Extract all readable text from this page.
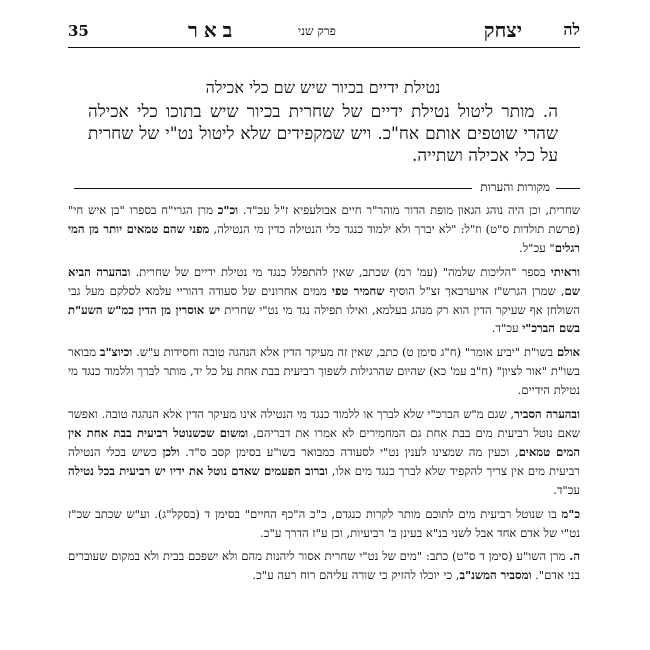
35	באר	פרק שני	יצחק	לה
נטילת ידיים בכיור שיש שם כלי אכילה
ה. מותר ליטול נטילת ידיים של שחרית בכיור שיש בתוכו כלי אכילה שהרי שוטפים אותם אח"כ. ויש שמקפידים שלא ליטול נט"י של שחרית על כלי אכילה ושתייה.
מקורות והערות

שחרית, וכן היה נוהג הגאון מופת הדור מוהר"ר חיים אבולעפיא ז"ל עכ"ד. וכ"כ מרן הגרי"ח בספרו "בן איש חי" (פרשת תולדות ס"ט) וז"ל: "לא יברך ולא ילמוד כנגד כלי הנטילה כדין מי הנטילה, מפני שהם טמאים יותר מן המי רגלים" עכ"ל.

וראיתי בספר "הליכות שלמה" (עמ' רמ) שכתב, שאין להתפלל כנגד מי נטילת ידיים של שחרית. ובהערה הביא שם, שמרן הגרש"ז אויערבאך זצ"ל הוסיף שחמיר טפי ממים אחרונים של סעודה דהוריי עלמא לסלקם מעל גבי השולחן אף שעיקר הדין הוא רק מנהג בעלמא, ואילו תפילה נגד מי נט"י שחרית יש אוסרין מן הדין כמ"ש השע"ת בשם הברכ"י עכ"ד.

אולם בשו"ת "יביע אומר" (ח"ג סימן ט) כתב, שאין זה מעיקר הדין אלא הנהגה טובה וחסידות ע"ש. וכיוצ"ב מבואר בשו"ת "אור לציון" (ח"ב עמ' כא) שהיום שהרגילות לשפוך רביעית בבת אחת על כל יד, מותר לברך וללמוד כנגד מי נטילת הידיים.

ובהערה הסביר, שגם מ"ש הברכ"י שלא לברך או ללמוד כנגד מי הנטילה אינו מעיקר הדין אלא הנהגה טובה. ואפשר שאם נוטל רביעית מים בבת אחת גם המחמירים לא אמרו את דבריהם, ומשום שכשנוטל רביעית בבת אחת אין המים טמאים, וכעין מה שמצינו לענין נט"י לסעודה כמבואר בשו"ע בסימן קסב ס"ד. ולכן כשיש בכלי הנטילה רביעית מים אין צריך להקפיד שלא לברך כנגד מים אלו, וברוב הפעמים שאדם נוטל את ידיו יש רביעית בכל נטילה עכ"ד.

כ"מ בו שנוטל רביעית מים לתוכם מותר לקרות כנגדם, כ"כ ה"כף החיים" בסימן ד (בסקל"ג). וע"ש שכתב שכ"ז נט"י של אדם אחד אבל לשני בנ"א בעינן ב' רביעיות, וכן ע"ז הדרך ע"כ.

ה. מרן השו"ע (סימן ד ס"ט) כתב: "מים של נט"י שחרית אסור ליהנות מהם ולא ישפכם בבית ולא במקום שעוברים בני אדם". ומסביר המשנ"ב, כי יוכלו להזיק כי שורה עליהם רוח רעה ע"כ.
